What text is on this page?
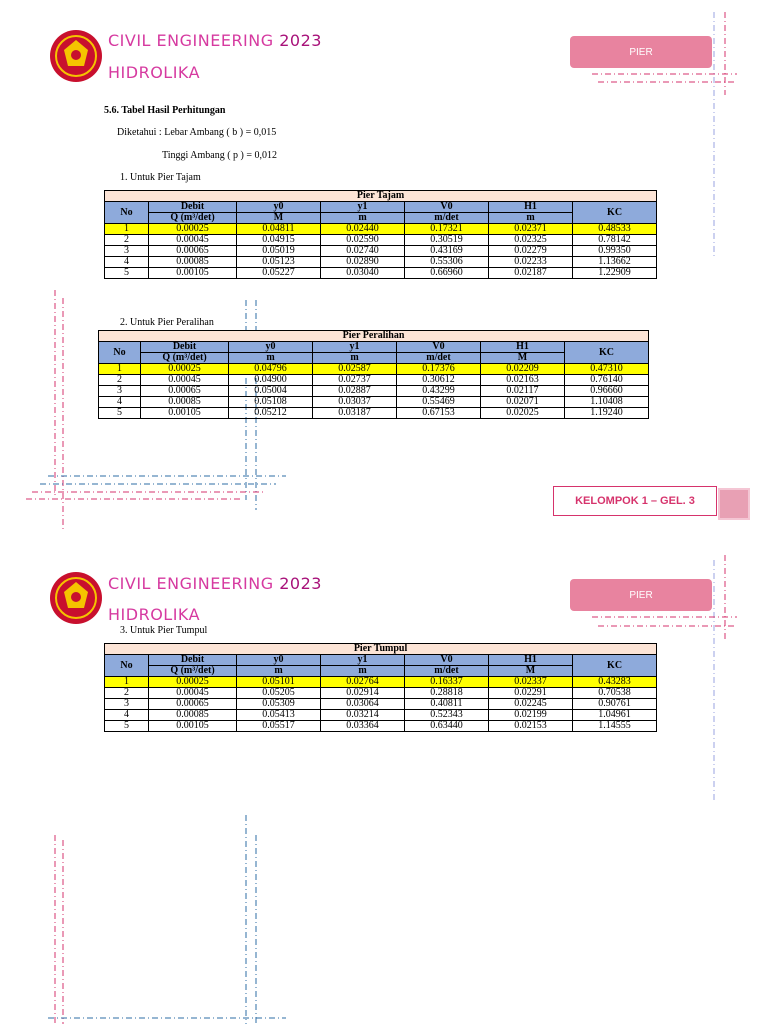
CIVIL ENGINEERING 2023
HIDROLIKA
PIER
5.6. Tabel Hasil Perhitungan
Diketahui : Lebar Ambang ( b ) = 0,015
Tinggi Ambang ( p ) = 0,012
1. Untuk Pier Tajam
Pier Tajam						
No	Debit	y0	y1	V0	H1	KC
	Q (m³/det)	M	m	m/det	m	
1	0.00025	0.04811	0.02440	0.17321	0.02371	0.48533
2	0.00045	0.04915	0.02590	0.30519	0.02325	0.78142
3	0.00065	0.05019	0.02740	0.43169	0.02279	0.99350
4	0.00085	0.05123	0.02890	0.55306	0.02233	1.13662
5	0.00105	0.05227	0.03040	0.66960	0.02187	1.22909
2. Untuk Pier Peralihan
Pier Peralihan						
No	Debit	y0	y1	V0	H1	KC
	Q (m³/det)	m	m	m/det	M	
1	0.00025	0.04796	0.02587	0.17376	0.02209	0.47310
2	0.00045	0.04900	0.02737	0.30612	0.02163	0.76140
3	0.00065	0.05004	0.02887	0.43299	0.02117	0.96660
4	0.00085	0.05108	0.03037	0.55469	0.02071	1.10408
5	0.00105	0.05212	0.03187	0.67153	0.02025	1.19240
KELOMPOK 1 – GEL. 3
CIVIL ENGINEERING 2023
HIDROLIKA
PIER
3. Untuk Pier Tumpul
Pier Tumpul						
No	Debit	y0	y1	V0	H1	KC
	Q (m³/det)	m	m	m/det	M	
1	0.00025	0.05101	0.02764	0.16337	0.02337	0.43283
2	0.00045	0.05205	0.02914	0.28818	0.02291	0.70538
3	0.00065	0.05309	0.03064	0.40811	0.02245	0.90761
4	0.00085	0.05413	0.03214	0.52343	0.02199	1.04961
5	0.00105	0.05517	0.03364	0.63440	0.02153	1.14555
